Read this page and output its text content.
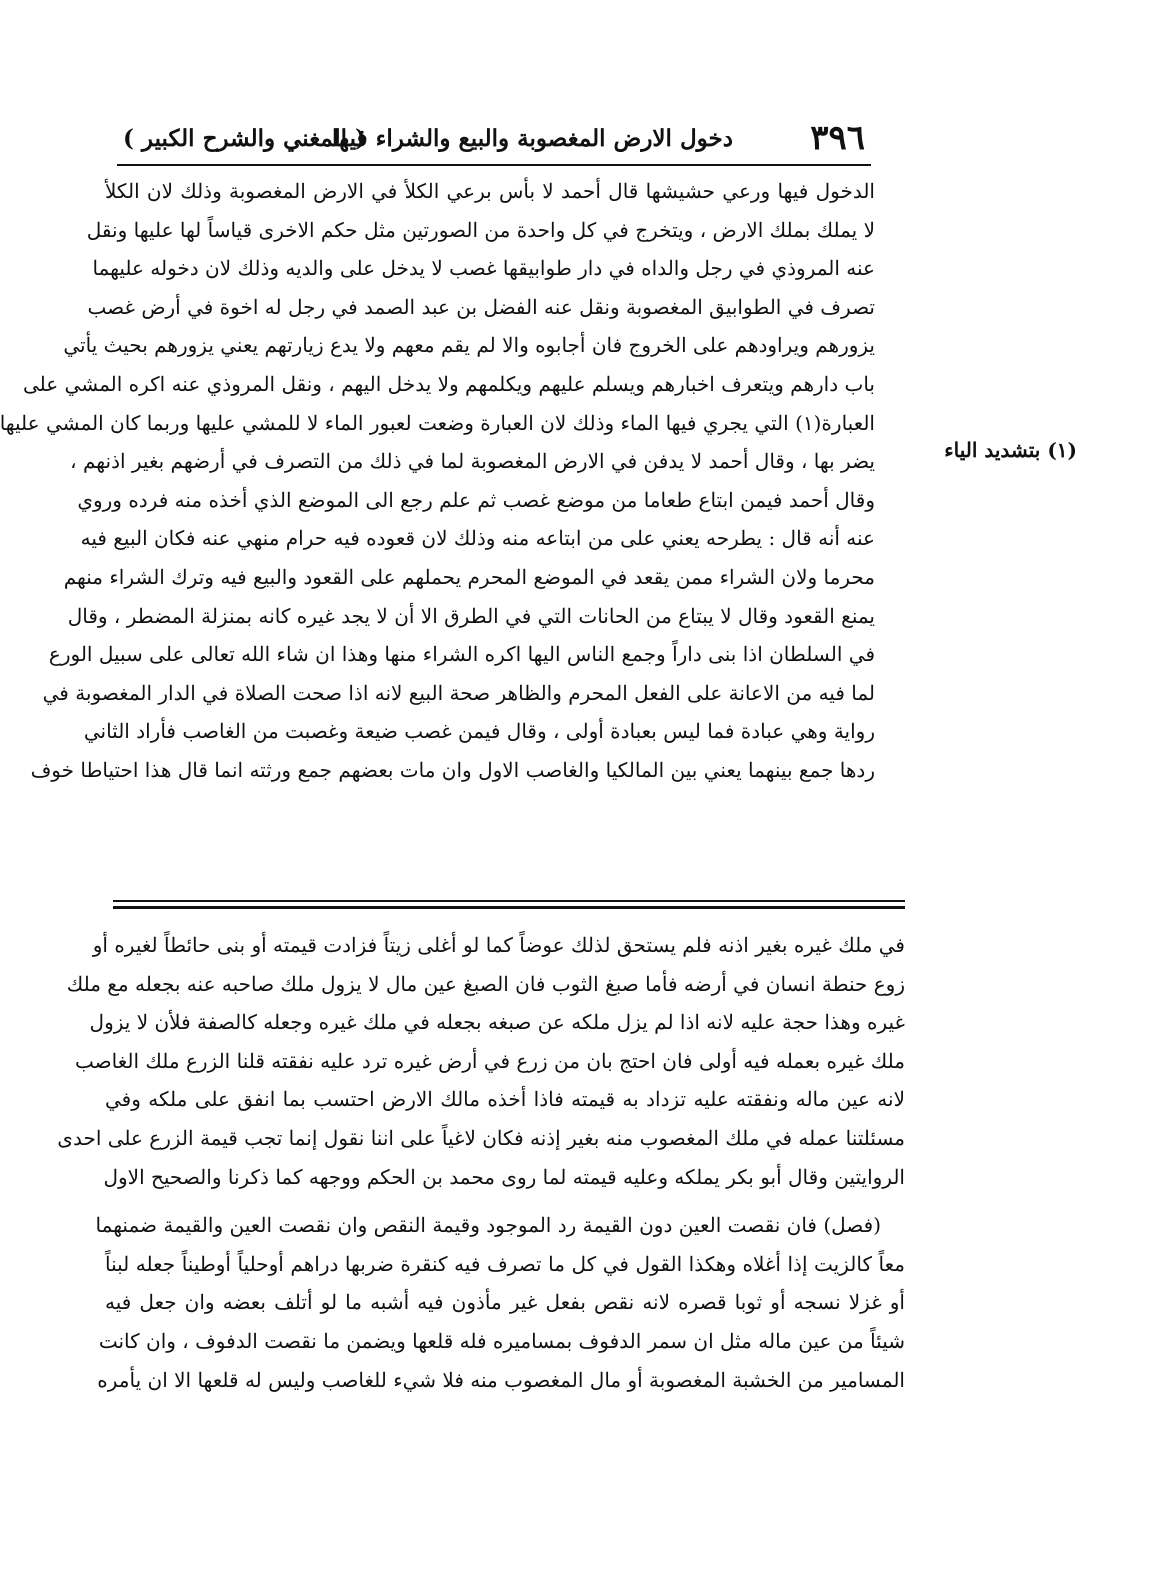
٣٩٦
دخول الارض المغصوبة والبيع والشراء فيها
( المغني والشرح الكبير )
الدخول فيها ورعي حشيشها قال أحمد لا بأس برعي الكلأ في الارض المغصوبة وذلك لان الكلأ
لا يملك بملك الارض ، ويتخرج في كل واحدة من الصورتين مثل حكم الاخرى قياساً لها عليها ونقل
عنه المروذي في رجل والداه في دار طوابيقها غصب لا يدخل على والديه وذلك لان دخوله عليهما
تصرف في الطوابيق المغصوبة ونقل عنه الفضل بن عبد الصمد في رجل له اخوة في أرض غصب
يزورهم ويراودهم على الخروج فان أجابوه والا لم يقم معهم ولا يدع زيارتهم يعني يزورهم بحيث يأتي
باب دارهم ويتعرف اخبارهم ويسلم عليهم ويكلمهم ولا يدخل اليهم ، ونقل المروذي عنه اكره المشي على
العبارة(١) التي يجري فيها الماء وذلك لان العبارة وضعت لعبور الماء لا للمشي عليها وربما كان المشي عليها
يضر بها ، وقال أحمد لا يدفن في الارض المغصوبة لما في ذلك من التصرف في أرضهم بغير اذنهم ،
وقال أحمد فيمن ابتاع طعاما من موضع غصب ثم علم رجع الى الموضع الذي أخذه منه فرده وروي
عنه أنه قال : يطرحه يعني على من ابتاعه منه وذلك لان قعوده فيه حرام منهي عنه فكان البيع فيه
محرما ولان الشراء ممن يقعد في الموضع المحرم يحملهم على القعود والبيع فيه وترك الشراء منهم
يمنع القعود وقال لا يبتاع من الحانات التي في الطرق الا أن لا يجد غيره كانه بمنزلة المضطر ، وقال
في السلطان اذا بنى داراً وجمع الناس اليها اكره الشراء منها وهذا ان شاء الله تعالى على سبيل الورع
لما فيه من الاعانة على الفعل المحرم والظاهر صحة البيع لانه اذا صحت الصلاة في الدار المغصوبة في
رواية وهي عبادة فما ليس بعبادة أولى ، وقال فيمن غصب ضيعة وغصبت من الغاصب فأراد الثاني
ردها جمع بينهما يعني بين المالكيا والغاصب الاول وان مات بعضهم جمع ورثته انما قال هذا احتياطا خوف
(١) بتشديد الياء
في ملك غيره بغير اذنه فلم يستحق لذلك عوضاً كما لو أغلى زيتاً فزادت قيمته أو بنى حائطاً لغيره أو
زوع حنطة انسان في أرضه فأما صبغ الثوب فان الصبغ عين مال لا يزول ملك صاحبه عنه بجعله مع ملك
غيره وهذا حجة عليه لانه اذا لم يزل ملكه عن صبغه بجعله في ملك غيره وجعله كالصفة فلأن لا يزول
ملك غيره بعمله فيه أولى فان احتج بان من زرع في أرض غيره ترد عليه نفقته قلنا الزرع ملك الغاصب
لانه عين ماله ونفقته عليه تزداد به قيمته فاذا أخذه مالك الارض احتسب بما انفق على ملكه وفي
مسئلتنا عمله في ملك المغصوب منه بغير إذنه فكان لاغياً على اننا نقول إنما تجب قيمة الزرع على احدى
الروايتين وقال أبو بكر يملكه وعليه قيمته لما روى محمد بن الحكم ووجهه كما ذكرنا والصحيح الاول
(فصل) فان نقصت العين دون القيمة رد الموجود وقيمة النقص وان نقصت العين والقيمة ضمنهما
معاً كالزيت إذا أغلاه وهكذا القول في كل ما تصرف فيه كنقرة ضربها دراهم أوحلياً أوطيناً جعله لبناً
أو غزلا نسجه أو ثوبا قصره لانه نقص بفعل غير مأذون فيه أشبه ما لو أتلف بعضه وان جعل فيه
شيئاً من عين ماله مثل ان سمر الدفوف بمساميره فله قلعها ويضمن ما نقصت الدفوف ، وان كانت
المسامير من الخشبة المغصوبة أو مال المغصوب منه فلا شيء للغاصب وليس له قلعها الا ان يأمره
